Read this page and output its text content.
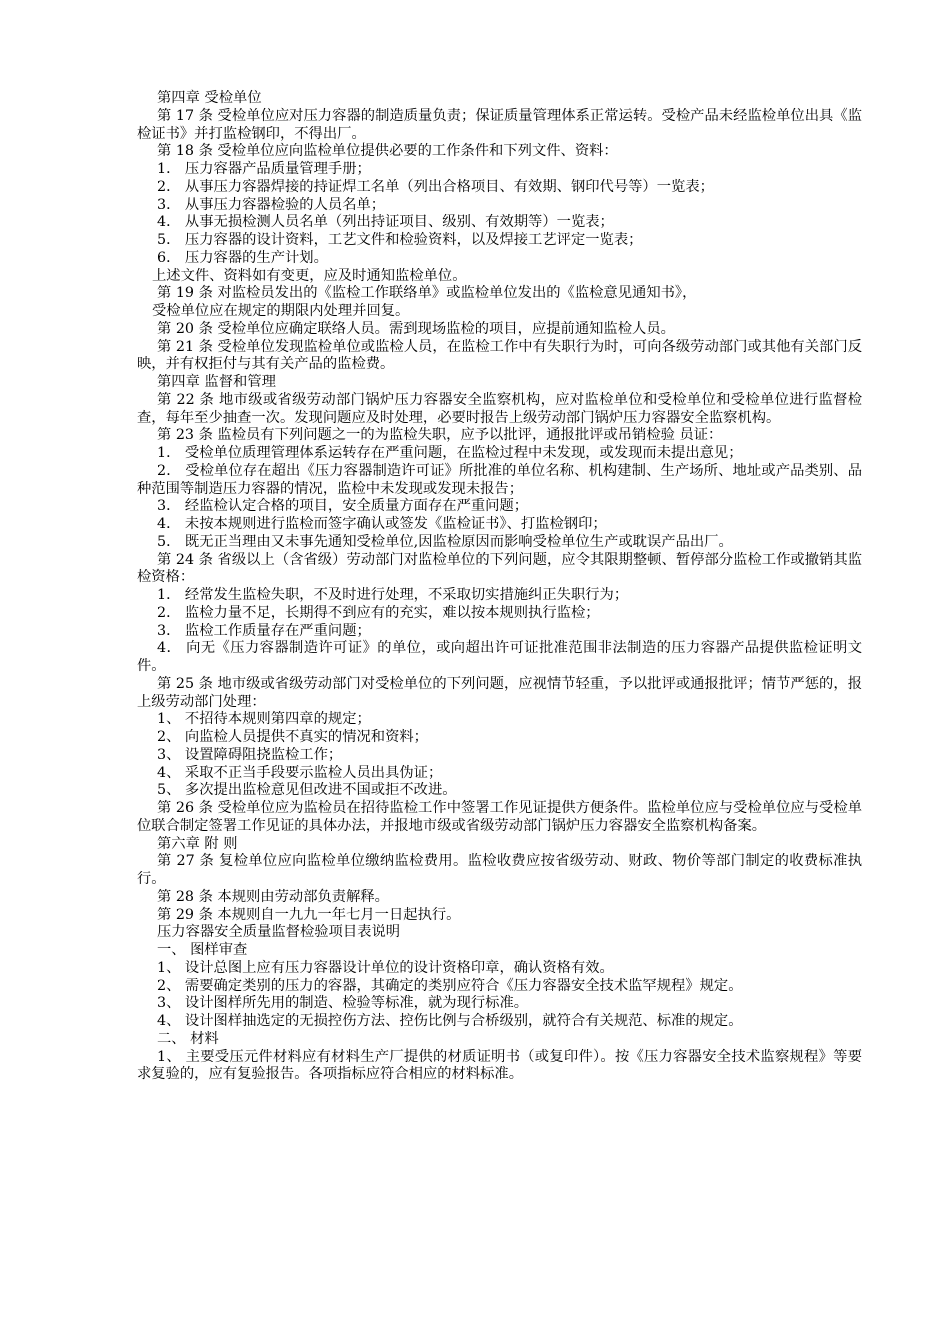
第四章 受检单位

第 17 条 受检单位应对压力容器的制造质量负责；保证质量管理体系正常运转。受检产品未经监检单位出具《监检证书》并打监检钢印，不得出厂。

第 18 条 受检单位应向监检单位提供必要的工作条件和下列文件、资料：

1． 压力容器产品质量管理手册；

2． 从事压力容器焊接的持证焊工名单（列出合格项目、有效期、钢印代号等）一览表；

3． 从事压力容器检验的人员名单；

4． 从事无损检测人员名单（列出持证项目、级别、有效期等）一览表；

5． 压力容器的设计资料，工艺文件和检验资料，以及焊接工艺评定一览表；

6． 压力容器的生产计划。

上述文件、资料如有变更，应及时通知监检单位。

第 19 条 对监检员发出的《监检工作联络单》或监检单位发出的《监检意见通知书》，

受检单位应在规定的期限内处理并回复。

第 20 条 受检单位应确定联络人员。需到现场监检的项目，应提前通知监检人员。

第 21 条 受检单位发现监检单位或监检人员，在监检工作中有失职行为时，可向各级劳动部门或其他有关部门反映，并有权拒付与其有关产品的监检费。

第四章 监督和管理

第 22 条 地市级或省级劳动部门锅炉压力容器安全监察机构，应对监检单位和受检单位和受检单位进行监督检查，每年至少抽查一次。发现问题应及时处理，必要时报告上级劳动部门锅炉压力容器安全监察机构。

第 23 条 监检员有下列问题之一的为监检失职，应予以批评，通报批评或吊销检验 员证：

1． 受检单位质理管理体系运转存在严重问题，在监检过程中未发现，或发现而未提出意见；

2． 受检单位存在超出《压力容器制造许可证》所批准的单位名称、机构建制、生产场所、地址或产品类别、品种范围等制造压力容器的情况，监检中未发现或发现未报告；

3． 经监检认定合格的项目，安全质量方面存在严重问题；

4． 未按本规则进行监检而签字确认或签发《监检证书》、打监检钢印；

5． 既无正当理由又未事先通知受检单位,因监检原因而影响受检单位生产或耽误产品出厂。

第 24 条 省级以上（含省级）劳动部门对监检单位的下列问题，应令其限期整顿、暂停部分监检工作或撤销其监检资格：

1． 经常发生监检失职，不及时进行处理，不采取切实措施纠正失职行为；

2． 监检力量不足，长期得不到应有的充实，难以按本规则执行监检；

3． 监检工作质量存在严重问题；

4． 向无《压力容器制造许可证》的单位，或向超出许可证批准范围非法制造的压力容器产品提供监检证明文件。

第 25 条 地市级或省级劳动部门对受检单位的下列问题，应视情节轻重，予以批评或通报批评；情节严惩的，报上级劳动部门处理：

1、 不招待本规则第四章的规定；

2、 向监检人员提供不真实的情况和资料；

3、 设置障碍阻挠监检工作；

4、 采取不正当手段要示监检人员出具伪证；

5、 多次提出监检意见但改进不国或拒不改进。

第 26 条 受检单位应为监检员在招待监检工作中签署工作见证提供方便条件。监检单位应与受检单位应与受检单位联合制定签署工作见证的具体办法，并报地市级或省级劳动部门锅炉压力容器安全监察机构备案。

第六章 附 则

第 27 条 复检单位应向监检单位缴纳监检费用。监检收费应按省级劳动、财政、物价等部门制定的收费标准执行。

第 28 条 本规则由劳动部负责解释。

第 29 条 本规则自一九九一年七月一日起执行。

压力容器安全质量监督检验项目表说明

一、 图样审查

1、 设计总图上应有压力容器设计单位的设计资格印章，确认资格有效。

2、 需要确定类别的压力的容器，其确定的类别应符合《压力容器安全技术监罕规程》规定。

3、 设计图样所先用的制造、检验等标准，就为现行标准。

4、 设计图样抽选定的无损控伤方法、控伤比例与合桥级别，就符合有关规范、标准的规定。

二、 材料

1、 主要受压元件材料应有材料生产厂提供的材质证明书（或复印件）。按《压力容器安全技术监察规程》等要求复验的，应有复验报告。各项指标应符合相应的材料标准。
